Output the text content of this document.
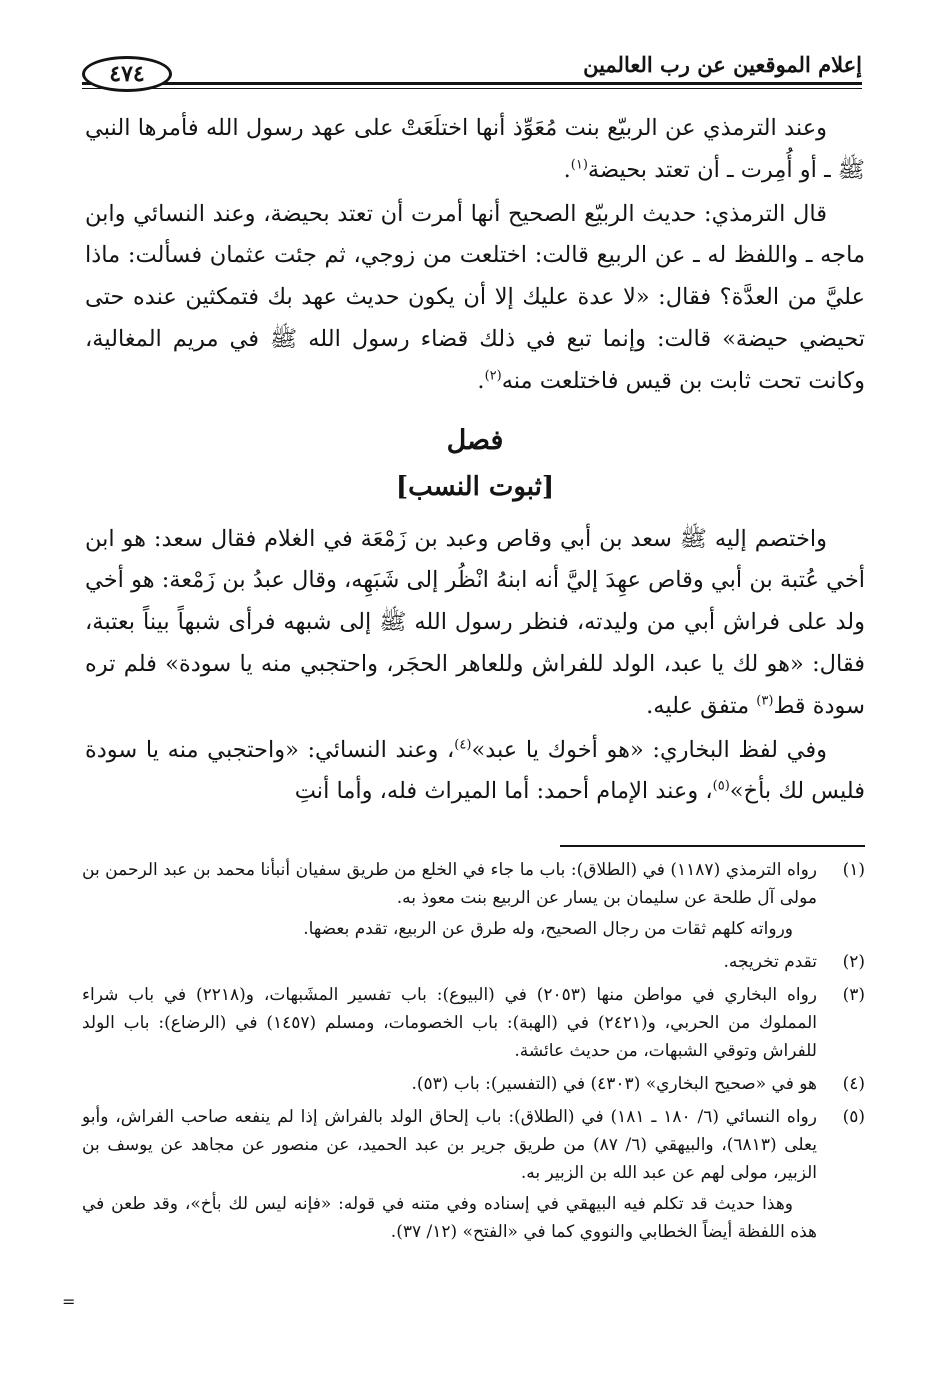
إعلام الموقعين عن رب العالمين
٤٧٤

وعند الترمذي عن الربيّع بنت مُعَوِّذ أنها اختلَعَتْ على عهد رسول الله فأمرها النبي ﷺ ـ أو أُمِرت ـ أن تعتد بحيضة$^{(١)}$.

قال الترمذي: حديث الربيّع الصحيح أنها أمرت أن تعتد بحيضة، وعند النسائي وابن ماجه ـ واللفظ له ـ عن الربيع قالت: اختلعت من زوجي، ثم جئت عثمان فسألت: ماذا عليَّ من العدَّة؟ فقال: «لا عدة عليك إلا أن يكون حديث عهد بك فتمكثين عنده حتى تحيضي حيضة» قالت: وإنما تبع في ذلك قضاء رسول الله ﷺ في مريم المغالية، وكانت تحت ثابت بن قيس فاختلعت منه$^{(٢)}$.

فصل
[ثبوت النسب]

واختصم إليه ﷺ سعد بن أبي وقاص وعبد بن زَمْعَة في الغلام فقال سعد: هو ابن أخي عُتبة بن أبي وقاص عهِدَ إليَّ أنه ابنهُ انْظُر إلى شَبَهِه، وقال عبدُ بن زَمْعة: هو أخي ولد على فراش أبي من وليدته، فنظر رسول الله ﷺ إلى شبهه فرأى شبهاً بيناً بعتبة، فقال: «هو لك يا عبد، الولد للفراش وللعاهر الحجَر، واحتجبي منه يا سودة» فلم تره سودة قط$^{(٣)}$ متفق عليه.

وفي لفظ البخاري: «هو أخوك يا عبد»$^{(٤)}$، وعند النسائي: «واحتجبي منه يا سودة فليس لك بأخ»$^{(٥)}$، وعند الإمام أحمد: أما الميراث فله، وأما أنتِ

(١)
رواه الترمذي (١١٨٧) في (الطلاق): باب ما جاء في الخلع من طريق سفيان أنبأنا محمد بن عبد الرحمن بن مولى آل طلحة عن سليمان بن يسار عن الربيع بنت معوذ به.
ورواته كلهم ثقات من رجال الصحيح، وله طرق عن الربيع، تقدم بعضها.
(٢)
تقدم تخريجه.
(٣)
رواه البخاري في مواطن منها (٢٠٥٣) في (البيوع): باب تفسير المشَبهات، و(٢٢١٨) في باب شراء المملوك من الحربي، و(٢٤٢١) في (الهبة): باب الخصومات، ومسلم (١٤٥٧) في (الرضاع): باب الولد للفراش وتوقي الشبهات، من حديث عائشة.
(٤)
هو في «صحيح البخاري» (٤٣٠٣) في (التفسير): باب (٥٣).
(٥)
رواه النسائي (٦/ ١٨٠ ـ ١٨١) في (الطلاق): باب إلحاق الولد بالفراش إذا لم ينفعه صاحب الفراش، وأبو يعلى (٦٨١٣)، والبيهقي (٦/ ٨٧) من طريق جرير بن عبد الحميد، عن منصور عن مجاهد عن يوسف بن الزبير، مولى لهم عن عبد الله بن الزبير به.
وهذا حديث قد تكلم فيه البيهقي في إسناده وفي متنه في قوله: «فإنه ليس لك بأخ»، وقد طعن في هذه اللفظة أيضاً الخطابي والنووي كما في «الفتح» (١٢/ ٣٧).
=
